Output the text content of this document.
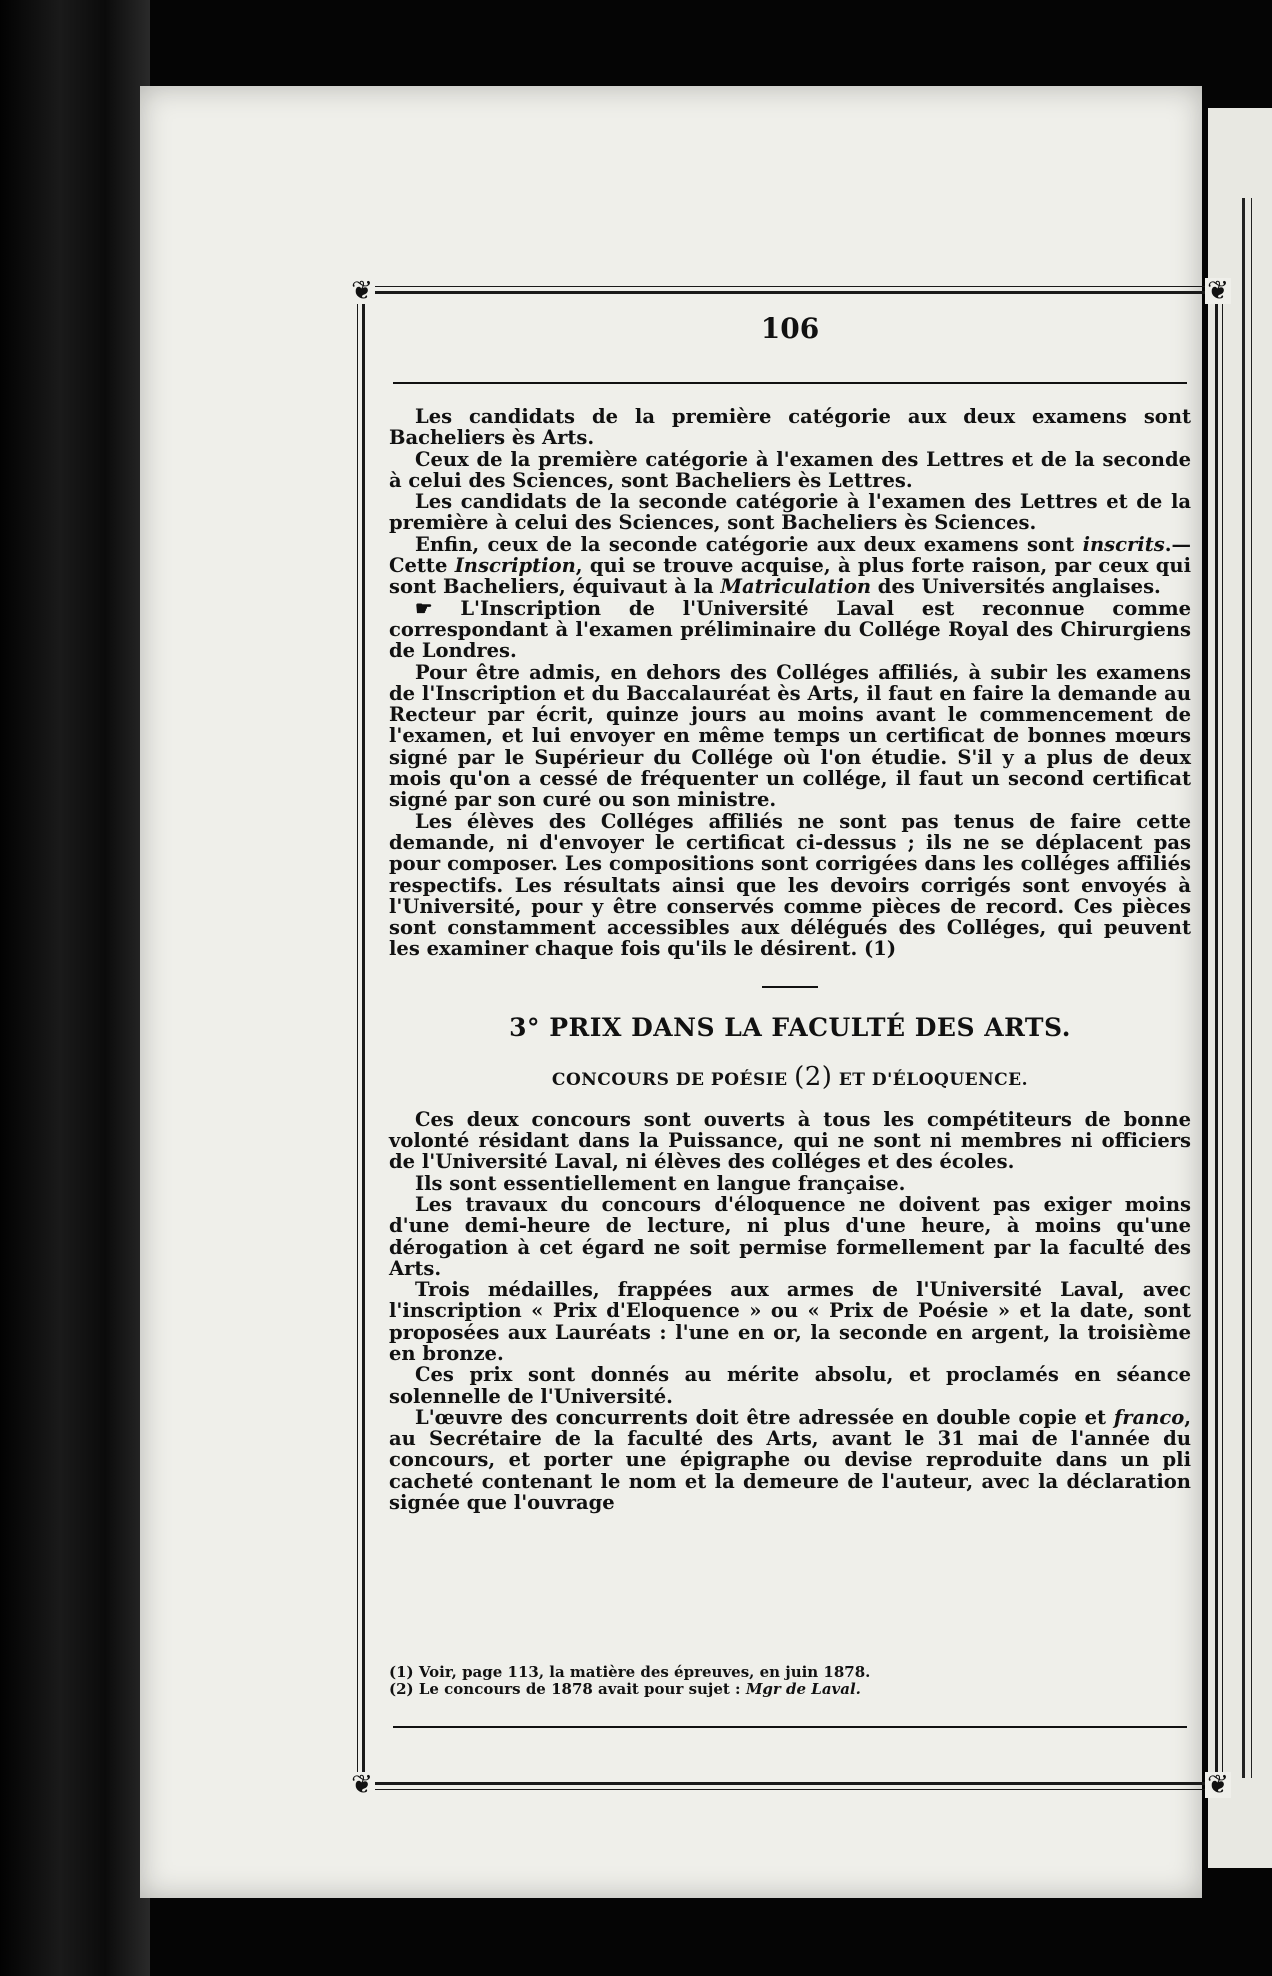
❦	❦
❦	❦
106

Les candidats de la première catégorie aux deux examens sont Bacheliers ès Arts.

Ceux de la première catégorie à l'examen des Lettres et de la seconde à celui des Sciences, sont Bacheliers ès Lettres.

Les candidats de la seconde catégorie à l'examen des Lettres et de la première à celui des Sciences, sont Bacheliers ès Sciences.

Enfin, ceux de la seconde catégorie aux deux examens sont inscrits.— Cette Inscription, qui se trouve acquise, à plus forte raison, par ceux qui sont Bacheliers, équivaut à la Matriculation des Universités anglaises.

☛ L'Inscription de l'Université Laval est reconnue comme correspondant à l'examen préliminaire du Collége Royal des Chirurgiens de Londres.

Pour être admis, en dehors des Colléges affiliés, à subir les examens de l'Inscription et du Baccalauréat ès Arts, il faut en faire la demande au Recteur par écrit, quinze jours au moins avant le commencement de l'examen, et lui envoyer en même temps un certificat de bonnes mœurs signé par le Supérieur du Collége où l'on étudie. S'il y a plus de deux mois qu'on a cessé de fréquenter un collége, il faut un second certificat signé par son curé ou son ministre.

Les élèves des Colléges affiliés ne sont pas tenus de faire cette demande, ni d'envoyer le certificat ci-dessus ; ils ne se déplacent pas pour composer. Les compositions sont corrigées dans les colléges affiliés respectifs. Les résultats ainsi que les devoirs corrigés sont envoyés à l'Université, pour y être conservés comme pièces de record. Ces pièces sont constamment accessibles aux délégués des Colléges, qui peuvent les examiner chaque fois qu'ils le désirent. (1)

3° PRIX DANS LA FACULTÉ DES ARTS.
CONCOURS DE POÉSIE (2) ET D'ÉLOQUENCE.

Ces deux concours sont ouverts à tous les compétiteurs de bonne volonté résidant dans la Puissance, qui ne sont ni membres ni officiers de l'Université Laval, ni élèves des colléges et des écoles.

Ils sont essentiellement en langue française.

Les travaux du concours d'éloquence ne doivent pas exiger moins d'une demi-heure de lecture, ni plus d'une heure, à moins qu'une dérogation à cet égard ne soit permise formellement par la faculté des Arts.

Trois médailles, frappées aux armes de l'Université Laval, avec l'inscription « Prix d'Eloquence » ou « Prix de Poésie » et la date, sont proposées aux Lauréats : l'une en or, la seconde en argent, la troisième en bronze.

Ces prix sont donnés au mérite absolu, et proclamés en séance solennelle de l'Université.

L'œuvre des concurrents doit être adressée en double copie et franco, au Secrétaire de la faculté des Arts, avant le 31 mai de l'année du concours, et porter une épigraphe ou devise reproduite dans un pli cacheté contenant le nom et la demeure de l'auteur, avec la déclaration signée que l'ouvrage

(1) Voir, page 113, la matière des épreuves, en juin 1878.

(2) Le concours de 1878 avait pour sujet : Mgr de Laval.
